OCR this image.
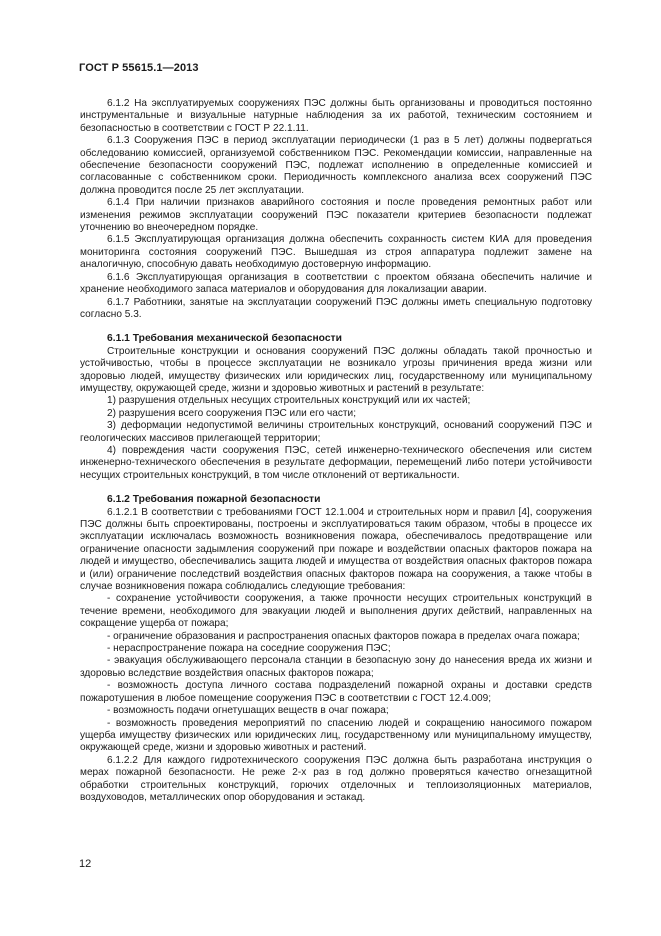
ГОСТ Р 55615.1—2013

6.1.2 На эксплуатируемых сооружениях ПЭС должны быть организованы и проводиться постоянно инструментальные и визуальные натурные наблюдения за их работой, техническим состоянием и безопасностью в соответствии с ГОСТ Р 22.1.11.

6.1.3 Сооружения ПЭС в период эксплуатации периодически (1 раз в 5 лет) должны подвергаться обследованию комиссией, организуемой собственником ПЭС. Рекомендации комиссии, направленные на обеспечение безопасности сооружений ПЭС, подлежат исполнению в определенные комиссией и согласованные с собственником сроки. Периодичность комплексного анализа всех сооружений ПЭС должна проводится после 25 лет эксплуатации.

6.1.4 При наличии признаков аварийного состояния и после проведения ремонтных работ или изменения режимов эксплуатации сооружений ПЭС показатели критериев безопасности подлежат уточнению во внеочередном порядке.

6.1.5 Эксплуатирующая организация должна обеспечить сохранность систем КИА для проведения мониторинга состояния сооружений ПЭС. Вышедшая из строя аппаратура подлежит замене на аналогичную, способную давать необходимую достоверную информацию.

6.1.6 Эксплуатирующая организация в соответствии с проектом обязана обеспечить наличие и хранение необходимого запаса материалов и оборудования для локализации аварии.

6.1.7 Работники, занятые на эксплуатации сооружений ПЭС должны иметь специальную подготовку согласно 5.3.

6.1.1 Требования механической безопасности

Строительные конструкции и основания сооружений ПЭС должны обладать такой прочностью и устойчивостью, чтобы в процессе эксплуатации не возникало угрозы причинения вреда жизни или здоровью людей, имуществу физических или юридических лиц, государственному или муниципальному имуществу, окружающей среде, жизни и здоровью животных и растений в результате:

1) разрушения отдельных несущих строительных конструкций или их частей;

2) разрушения всего сооружения ПЭС или его части;

3) деформации недопустимой величины строительных конструкций, оснований сооружений ПЭС и геологических массивов прилегающей территории;

4) повреждения части сооружения ПЭС, сетей инженерно-технического обеспечения или систем инженерно-технического обеспечения в результате деформации, перемещений либо потери устойчивости несущих строительных конструкций, в том числе отклонений от вертикальности.

6.1.2 Требования пожарной безопасности

6.1.2.1 В соответствии с требованиями ГОСТ 12.1.004 и строительных норм и правил [4], сооружения ПЭС должны быть спроектированы, построены и эксплуатироваться таким образом, чтобы в процессе их эксплуатации исключалась возможность возникновения пожара, обеспечивалось предотвращение или ограничение опасности задымления сооружений при пожаре и воздействии опасных факторов пожара на людей и имущество, обеспечивались защита людей и имущества от воздействия опасных факторов пожара и (или) ограничение последствий воздействия опасных факторов пожара на сооружения, а также чтобы в случае возникновения пожара соблюдались следующие требования:

- сохранение устойчивости сооружения, а также прочности несущих строительных конструкций в течение времени, необходимого для эвакуации людей и выполнения других действий, направленных на сокращение ущерба от пожара;

- ограничение образования и распространения опасных факторов пожара в пределах очага пожара;

- нераспространение пожара на соседние сооружения ПЭС;

- эвакуация обслуживающего персонала станции в безопасную зону до нанесения вреда их жизни и здоровью вследствие воздействия опасных факторов пожара;

- возможность доступа личного состава подразделений пожарной охраны и доставки средств пожаротушения в любое помещение сооружения ПЭС в соответствии с ГОСТ 12.4.009;

- возможность подачи огнетушащих веществ в очаг пожара;

- возможность проведения мероприятий по спасению людей и сокращению наносимого пожаром ущерба имуществу физических или юридических лиц, государственному или муниципальному имуществу, окружающей среде, жизни и здоровью животных и растений.

6.1.2.2 Для каждого гидротехнического сооружения ПЭС должна быть разработана инструкция о мерах пожарной безопасности. Не реже 2-х раз в год должно проверяться качество огнезащитной обработки строительных конструкций, горючих отделочных и теплоизоляционных материалов, воздуховодов, металлических опор оборудования и эстакад.

12
